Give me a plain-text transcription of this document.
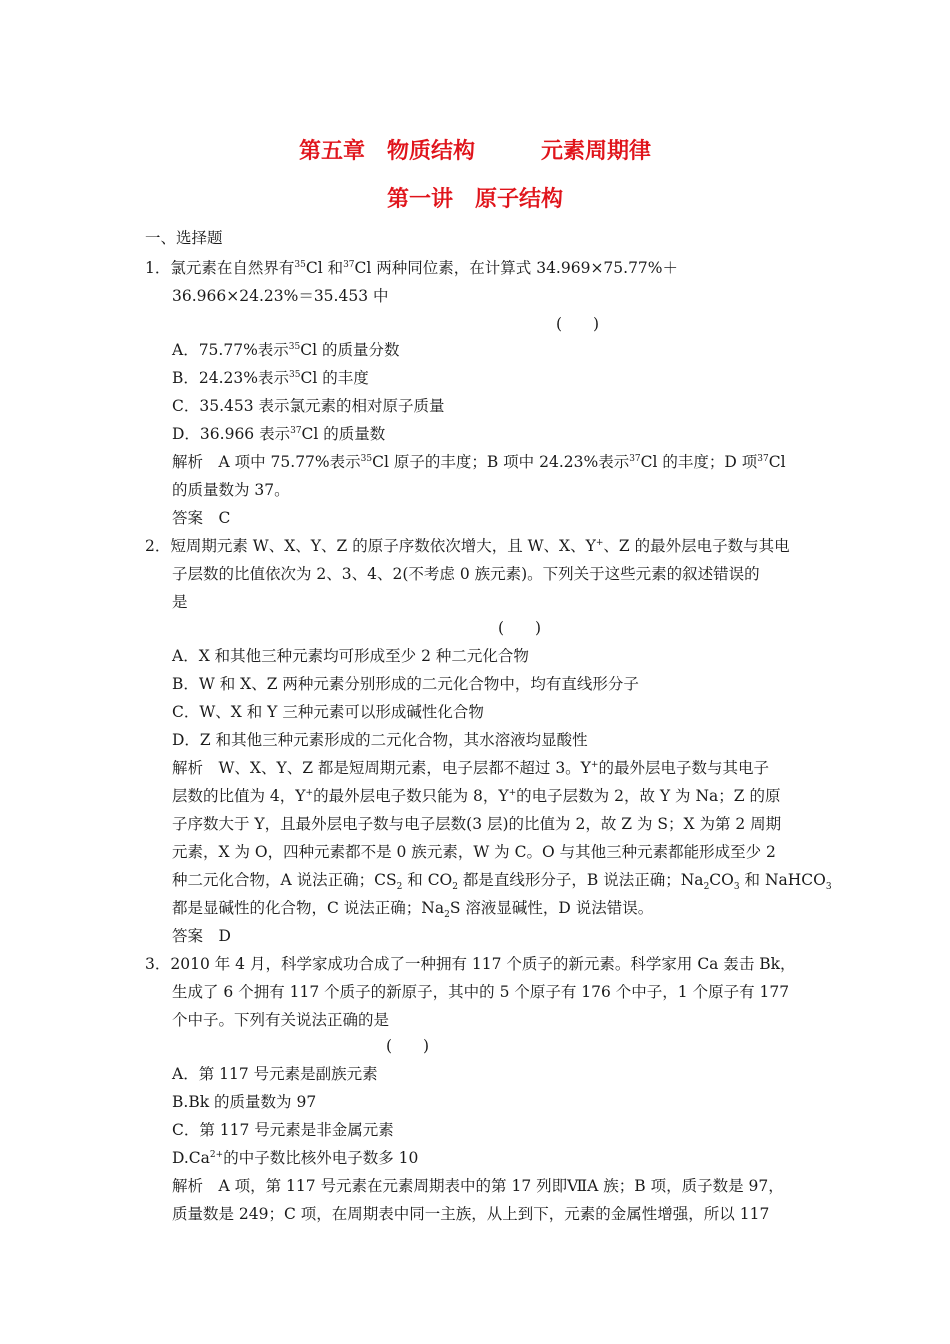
第五章　物质结构　　　元素周期律
第一讲　原子结构
一、选择题
1．氯元素在自然界有$^{35}$Cl 和$^{37}$Cl 两种同位素，在计算式 34.969×75.77%＋
36.966×24.23%＝35.453 中
(　　)
A．75.77%表示$^{35}$Cl 的质量分数
B．24.23%表示$^{35}$Cl 的丰度
C．35.453 表示氯元素的相对原子质量
D．36.966 表示$^{37}$Cl 的质量数
解析　A 项中 75.77%表示$^{35}$Cl 原子的丰度；B 项中 24.23%表示$^{37}$Cl 的丰度；D 项$^{37}$Cl
的质量数为 37。
答案　C
2．短周期元素 W、X、Y、Z 的原子序数依次增大，且 W、X、Y+、Z 的最外层电子数与其电
子层数的比值依次为 2、3、4、2(不考虑 0 族元素)。下列关于这些元素的叙述错误的
是
(　　)
A．X 和其他三种元素均可形成至少 2 种二元化合物
B．W 和 X、Z 两种元素分别形成的二元化合物中，均有直线形分子
C．W、X 和 Y 三种元素可以形成碱性化合物
D．Z 和其他三种元素形成的二元化合物，其水溶液均显酸性
解析　W、X、Y、Z 都是短周期元素，电子层都不超过 3。Y+的最外层电子数与其电子
层数的比值为 4，Y+的最外层电子数只能为 8，Y+的电子层数为 2，故 Y 为 Na；Z 的原
子序数大于 Y，且最外层电子数与电子层数(3 层)的比值为 2，故 Z 为 S；X 为第 2 周期
元素，X 为 O，四种元素都不是 0 族元素，W 为 C。O 与其他三种元素都能形成至少 2
种二元化合物，A 说法正确；$CS_2$ 和 $CO_2$ 都是直线形分子，B 说法正确；$Na_2CO_3$ 和 NaHCO$_3$
都是显碱性的化合物，C 说法正确；$Na_2S$ 溶液显碱性，D 说法错误。
答案　D
3．2010 年 4 月，科学家成功合成了一种拥有 117 个质子的新元素。科学家用 Ca 轰击 Bk，
生成了 6 个拥有 117 个质子的新原子，其中的 5 个原子有 176 个中子，1 个原子有 177
个中子。下列有关说法正确的是
(　　)
A．第 117 号元素是副族元素
B.Bk 的质量数为 97
C．第 117 号元素是非金属元素
$D.Ca^{2+}$的中子数比核外电子数多 10
解析　A 项，第 117 号元素在元素周期表中的第 17 列即ⅦA 族；B 项，质子数是 97，
质量数是 249；C 项，在周期表中同一主族，从上到下，元素的金属性增强，所以 117
